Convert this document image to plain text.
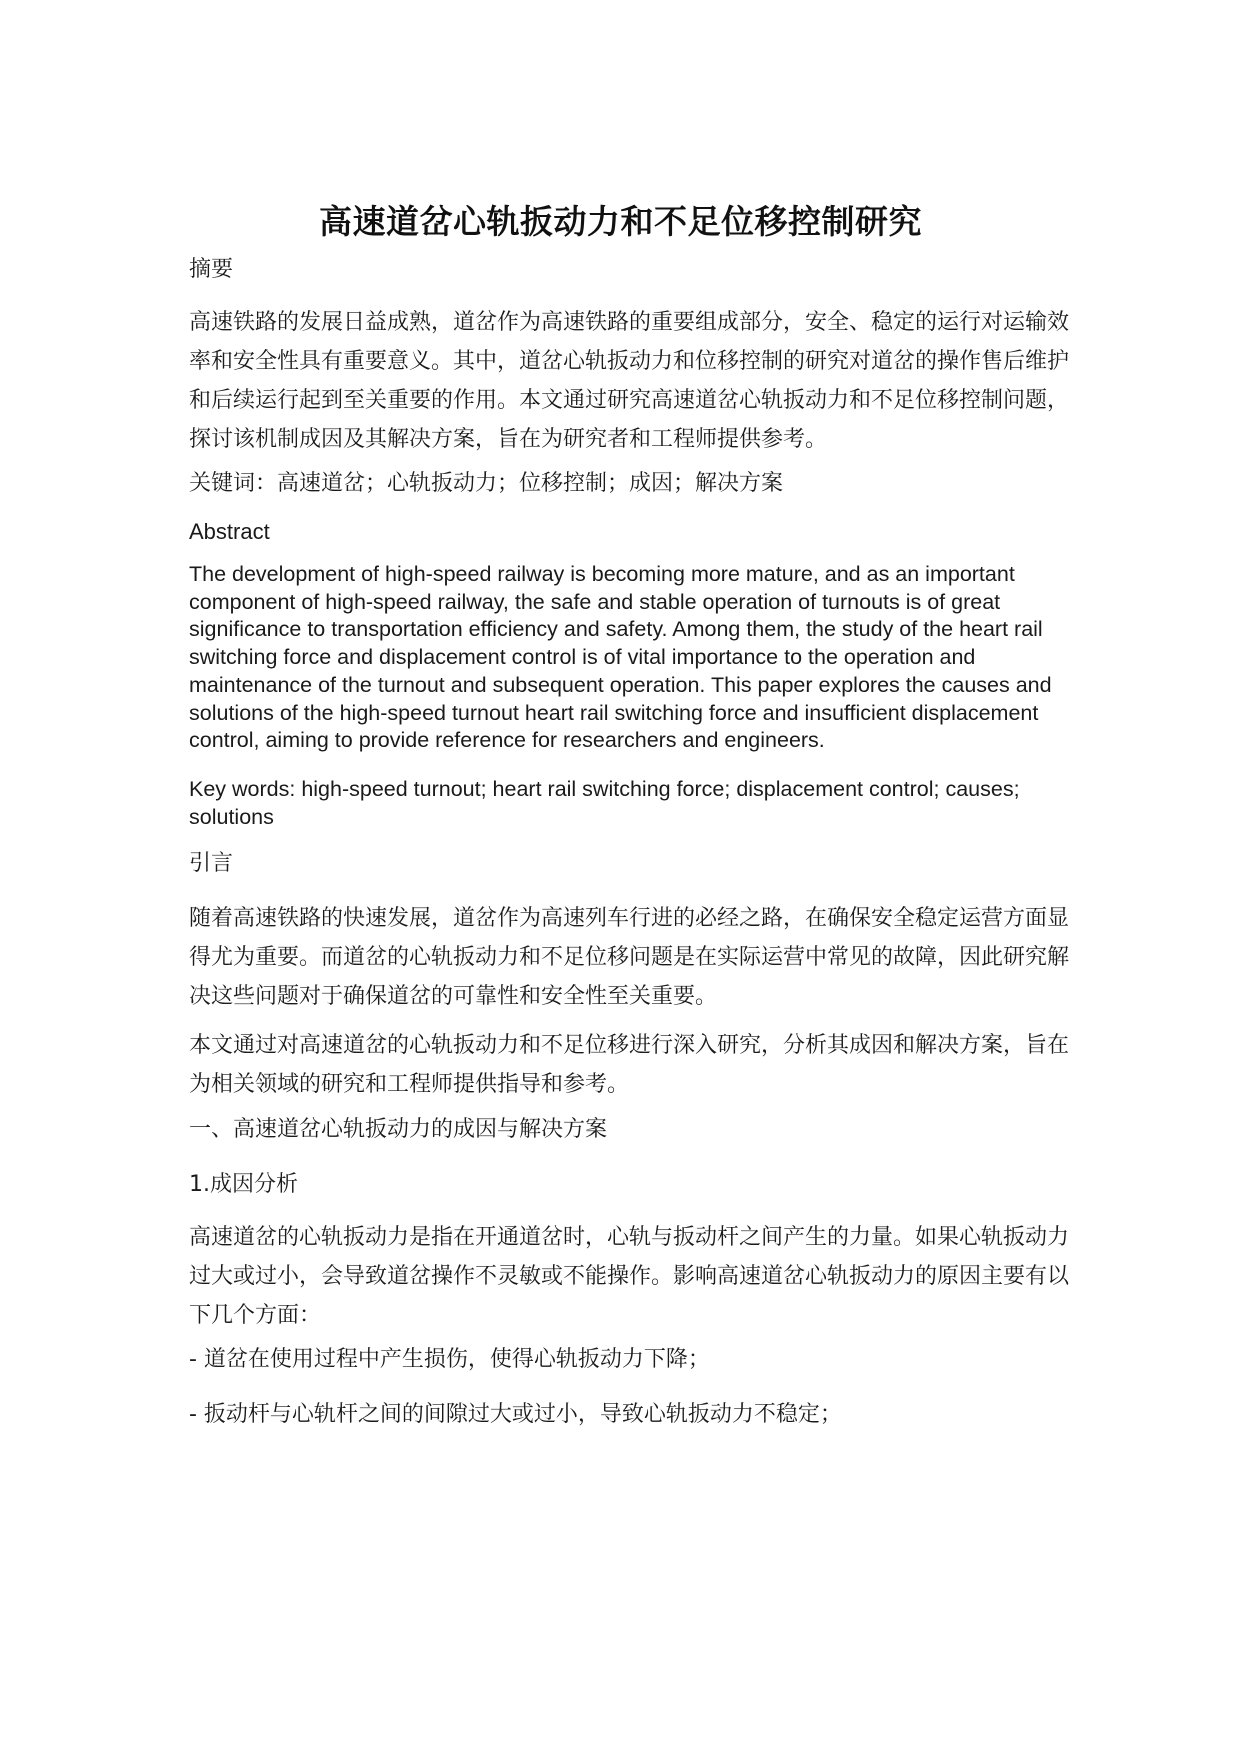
高速道岔心轨扳动力和不足位移控制研究
摘要

高速铁路的发展日益成熟，道岔作为高速铁路的重要组成部分，安全、稳定的运行对运输效率和安全性具有重要意义。其中，道岔心轨扳动力和位移控制的研究对道岔的操作售后维护和后续运行起到至关重要的作用。本文通过研究高速道岔心轨扳动力和不足位移控制问题，探讨该机制成因及其解决方案，旨在为研究者和工程师提供参考。

关键词：高速道岔；心轨扳动力；位移控制；成因；解决方案
Abstract

The development of high-speed railway is becoming more mature, and as an important component of high-speed railway, the safe and stable operation of turnouts is of great significance to transportation efficiency and safety. Among them, the study of the heart rail switching force and displacement control is of vital importance to the operation and maintenance of the turnout and subsequent operation. This paper explores the causes and solutions of the high-speed turnout heart rail switching force and insufficient displacement control, aiming to provide reference for researchers and engineers.

Key words: high-speed turnout; heart rail switching force; displacement control; causes; solutions

引言

随着高速铁路的快速发展，道岔作为高速列车行进的必经之路，在确保安全稳定运营方面显得尤为重要。而道岔的心轨扳动力和不足位移问题是在实际运营中常见的故障，因此研究解决这些问题对于确保道岔的可靠性和安全性至关重要。

本文通过对高速道岔的心轨扳动力和不足位移进行深入研究，分析其成因和解决方案，旨在为相关领域的研究和工程师提供指导和参考。

一、高速道岔心轨扳动力的成因与解决方案
1.成因分析

高速道岔的心轨扳动力是指在开通道岔时，心轨与扳动杆之间产生的力量。如果心轨扳动力过大或过小，会导致道岔操作不灵敏或不能操作。影响高速道岔心轨扳动力的原因主要有以下几个方面：

- 道岔在使用过程中产生损伤，使得心轨扳动力下降；
- 扳动杆与心轨杆之间的间隙过大或过小，导致心轨扳动力不稳定；
